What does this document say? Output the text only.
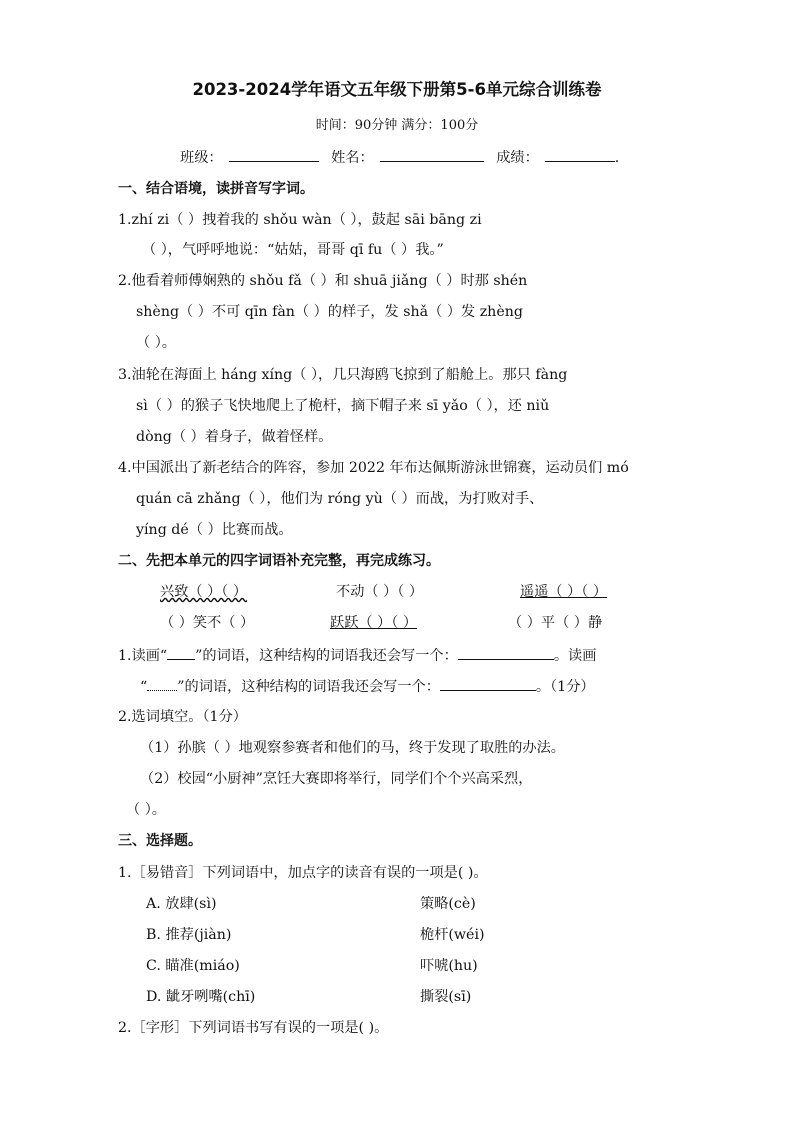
2023-2024学年语文五年级下册第5-6单元综合训练卷
时间：90分钟 满分：100分
班级：	姓名：	成绩：	.
一、结合语境，读拼音写字词。
1.zhí zi（ ）拽着我的 shǒu wàn（ ），鼓起 sāi bāng zi
（ ），气呼呼地说：“姑姑，哥哥 qī fu（ ）我。”
2.他看着师傅娴熟的 shǒu fǎ（ ）和 shuā jiǎng（ ）时那 shén
shèng（ ）不可 qīn fàn（ ）的样子，发 shǎ（ ）发 zhèng
（ ）。
3.油轮在海面上 háng xíng（ ），几只海鸥飞掠到了船舱上。那只 fàng
sì（ ）的猴子飞快地爬上了桅杆，摘下帽子来 sī yǎo（ ），还 niǔ
dòng（ ）着身子，做着怪样。
4.中国派出了新老结合的阵容，参加 2022 年布达佩斯游泳世锦赛，运动员们 mó
quán cā zhǎng（ ），他们为 róng yù（ ）而战，为打败对手、
yíng dé（ ）比赛而战。
二、先把本单元的四字词语补充完整，再完成练习。
兴致（ ）（ ）	不动（ ）（ ）	遥遥（ ）（ ）
（ ）笑不（ ）	跃跃（ ）（ ）	（ ）平（ ）静
1.读画“ ”的词语，这种结构的词语我还会写一个：	。读画
“ ”的词语，这种结构的词语我还会写一个：	。（1分）
2.选词填空。（1分）
（1）孙膑（ ）地观察参赛者和他们的马，终于发现了取胜的办法。
（2）校园“小厨神”烹饪大赛即将举行，同学们个个兴高采烈，
（ ）。
三、选择题。
1.［易错音］下列词语中，加点字的读音有误的一项是( )。
A. 放肆(sì)	策略(cè)
B. 推荐(jiàn)	桅杆(wéi)
C. 瞄准(miáo)	吓唬(hu)
D. 龇牙咧嘴(chī)	撕裂(sī)
2.［字形］下列词语书写有误的一项是( )。
